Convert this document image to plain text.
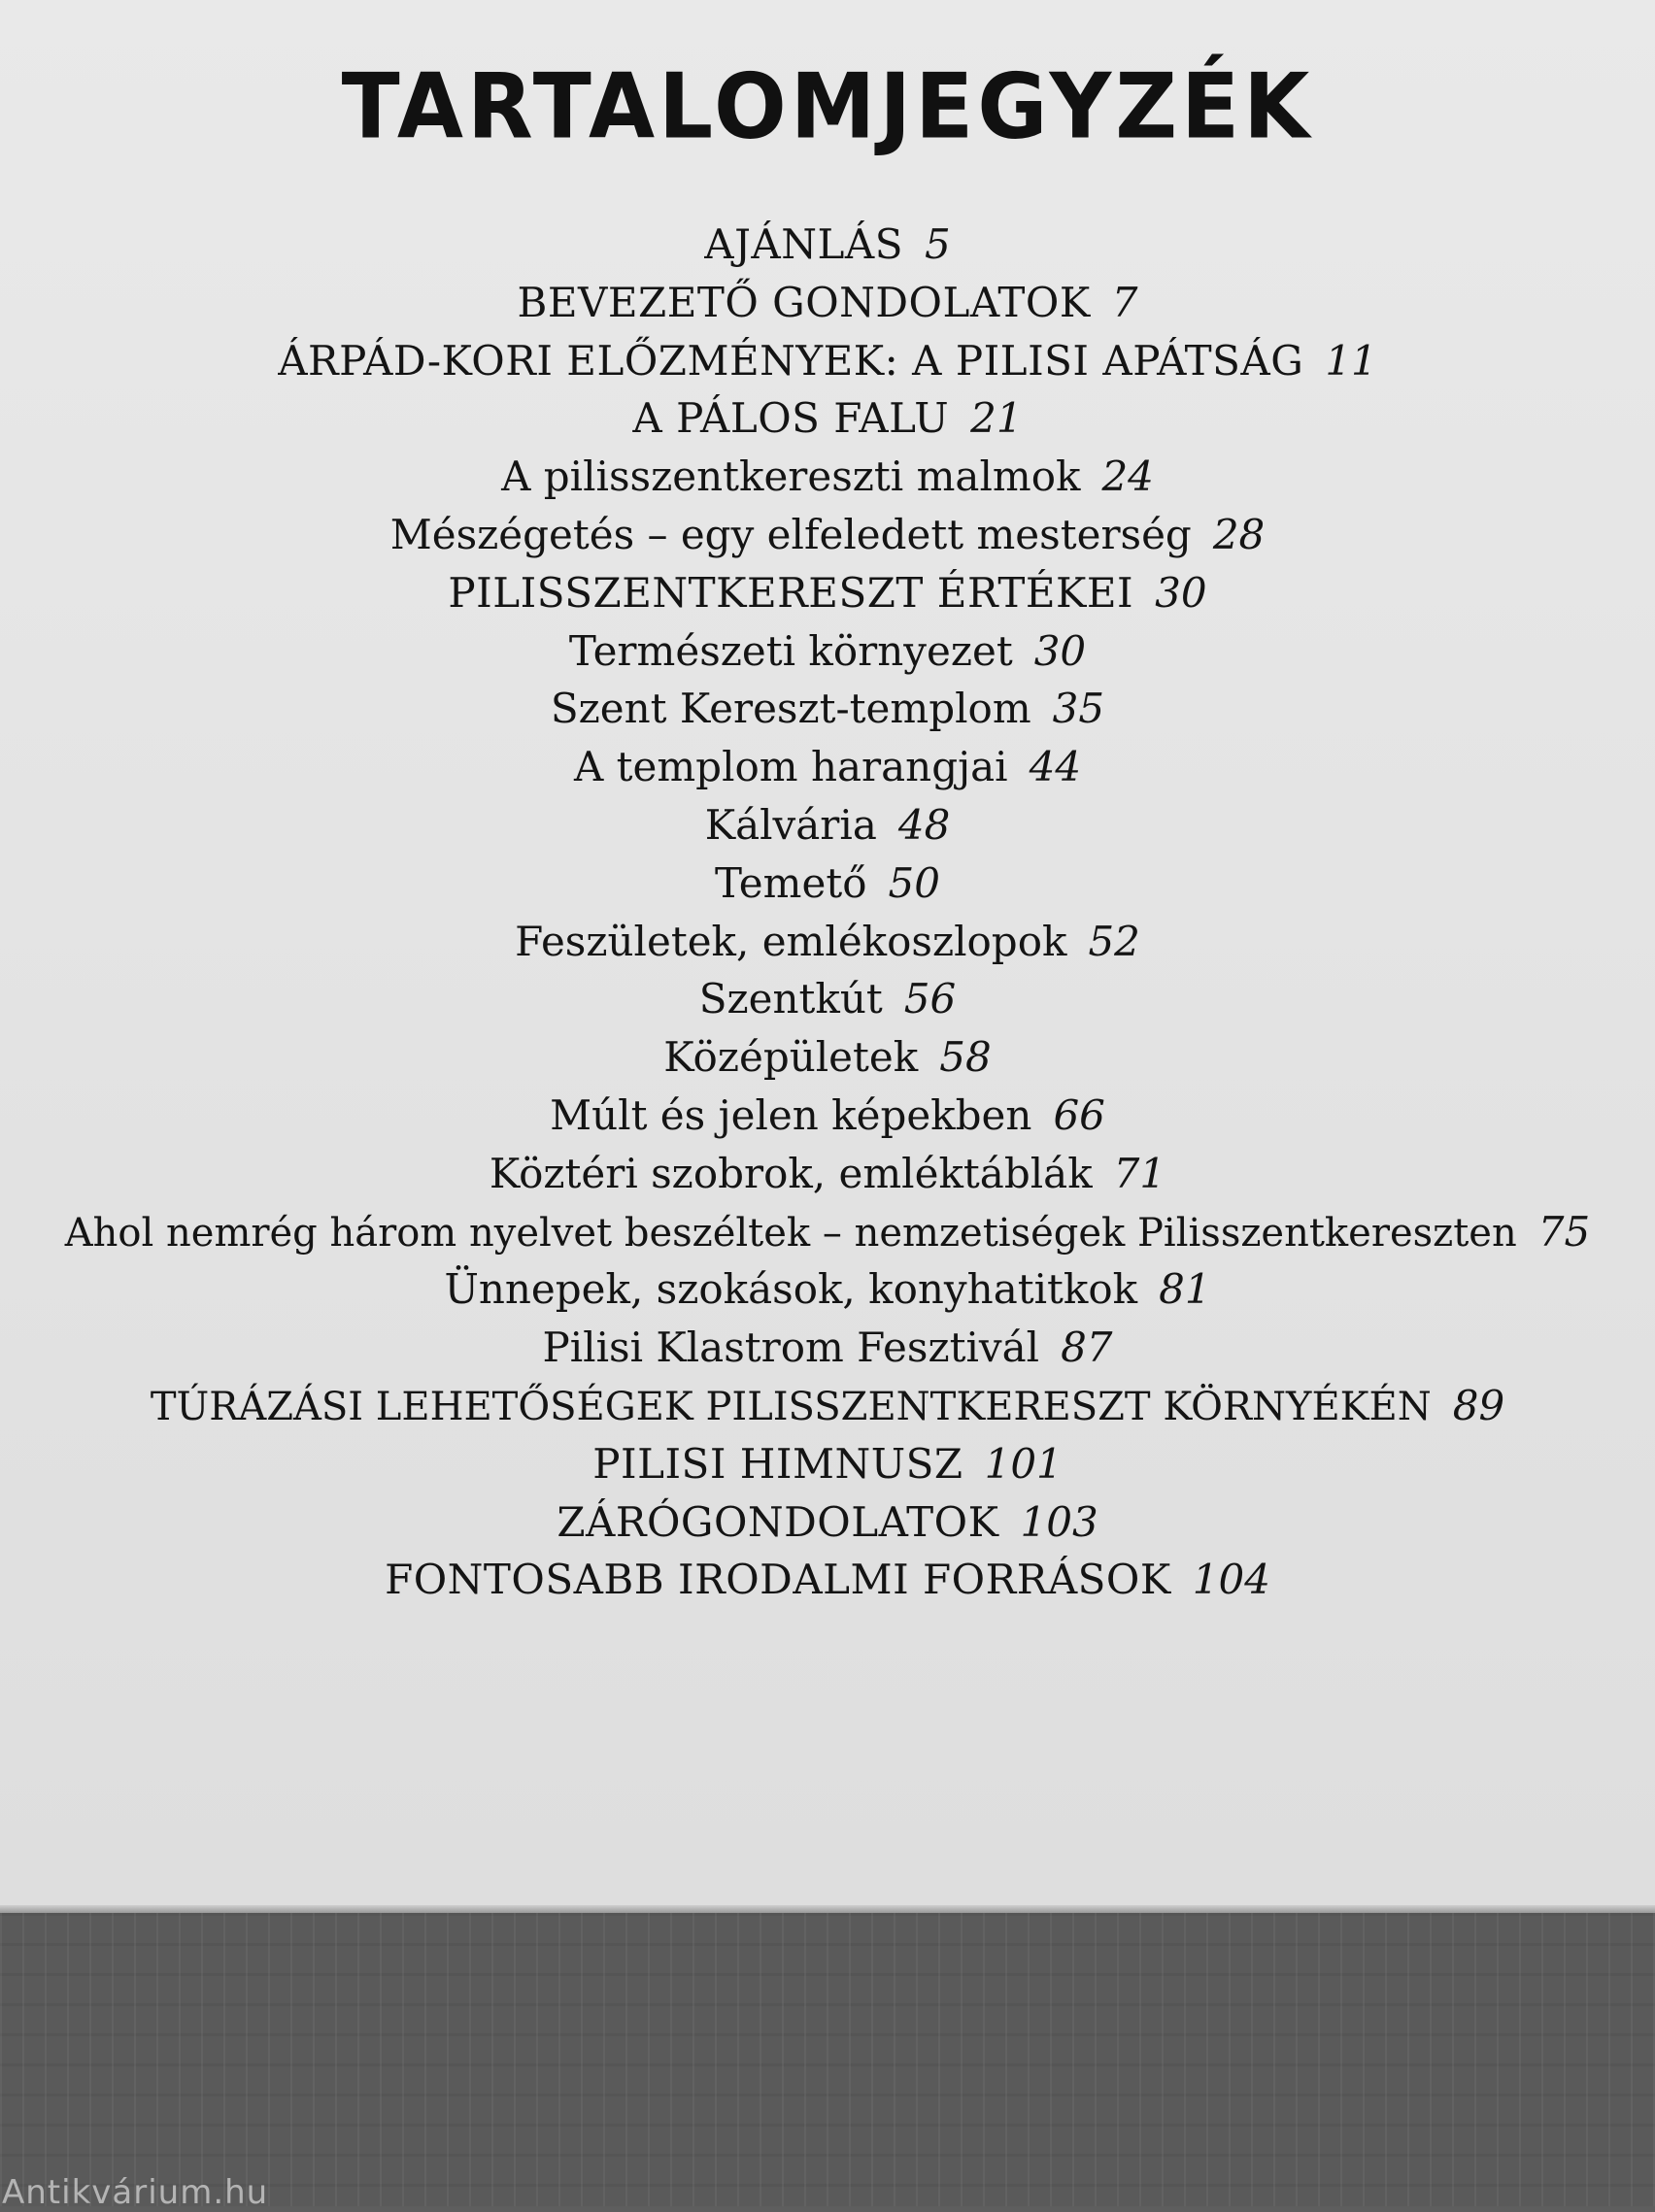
TARTALOMJEGYZÉK
AJÁNLÁS 5
BEVEZETŐ GONDOLATOK 7
ÁRPÁD-KORI ELŐZMÉNYEK: A PILISI APÁTSÁG 11
A PÁLOS FALU 21
A pilisszentkereszti malmok 24
Mészégetés – egy elfeledett mesterség 28
PILISSZENTKERESZT ÉRTÉKEI 30
Természeti környezet 30
Szent Kereszt-templom 35
A templom harangjai 44
Kálvária 48
Temető 50
Feszületek, emlékoszlopok 52
Szentkút 56
Középületek 58
Múlt és jelen képekben 66
Köztéri szobrok, emléktáblák 71
Ahol nemrég három nyelvet beszéltek – nemzetiségek Pilisszentkereszten 75
Ünnepek, szokások, konyhatitkok 81
Pilisi Klastrom Fesztivál 87
TÚRÁZÁSI LEHETŐSÉGEK PILISSZENTKERESZT KÖRNYÉKÉN 89
PILISI HIMNUSZ 101
ZÁRÓGONDOLATOK 103
FONTOSABB IRODALMI FORRÁSOK 104
Antikvárium.hu
